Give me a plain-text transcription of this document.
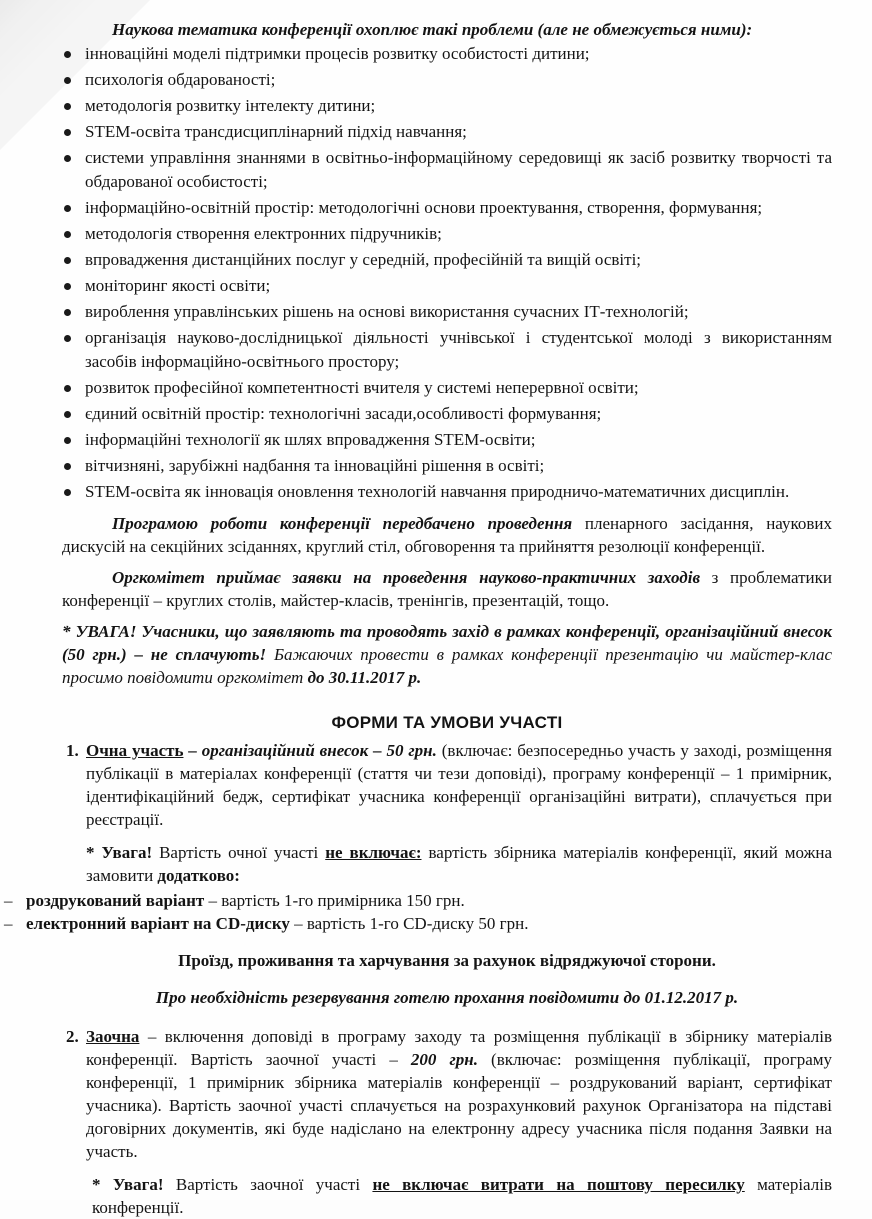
Наукова тематика конференції охоплює такі проблеми (але не обмежується ними):
інноваційні моделі підтримки процесів розвитку особистості дитини;
психологія обдарованості;
методологія розвитку інтелекту дитини;
STEM-освіта трансдисциплінарний підхід навчання;
системи управління знаннями в освітньо-інформаційному середовищі як засіб розвитку творчості та обдарованої особистості;
інформаційно-освітній простір: методологічні основи проектування, створення, формування;
методологія створення електронних підручників;
впровадження дистанційних послуг у середній, професійній та вищій освіті;
моніторинг якості освіти;
вироблення управлінських рішень на основі використання сучасних ІТ-технологій;
організація науково-дослідницької діяльності учнівської і студентської молоді з використанням засобів інформаційно-освітнього простору;
розвиток професійної компетентності вчителя у системі неперервної освіти;
єдиний освітній простір: технологічні засади,особливості формування;
інформаційні технології як шлях впровадження STEM-освіти;
вітчизняні, зарубіжні надбання та інноваційні рішення в освіті;
STEM-освіта як інновація оновлення технологій навчання природничо-математичних дисциплін.

Програмою роботи конференції передбачено проведення пленарного засідання, наукових дискусій на секційних зсіданнях, круглий стіл, обговорення та прийняття резолюції конференції.

Оргкомітет приймає заявки на проведення науково-практичних заходів з проблематики конференції – круглих столів, майстер-класів, тренінгів, презентацій, тощо.

* УВАГА! Учасники, що заявляють та проводять захід в рамках конференції, організаційний внесок (50 грн.) – не сплачують! Бажаючих провести в рамках конференції презентацію чи майстер-клас просимо повідомити оргкомітет до 30.11.2017 р.

ФОРМИ ТА УМОВИ УЧАСТІ
1. Очна участь – організаційний внесок – 50 грн. (включає: безпосередньо участь у заході, розміщення публікації в матеріалах конференції (стаття чи тези доповіді), програму конференції – 1 примірник, ідентифікаційний бедж, сертифікат учасника конференції організаційні витрати), сплачується при реєстрації.
* Увага! Вартість очної участі не включає: вартість збірника матеріалів конференції, який можна замовити додатково:
– роздрукований варіант – вартість 1-го примірника 150 грн.
– електронний варіант на CD-диску – вартість 1-го CD-диску 50 грн.
Проїзд, проживання та харчування за рахунок відряджуючої сторони.
Про необхідність резервування готелю прохання повідомити до 01.12.2017 р.
2. Заочна – включення доповіді в програму заходу та розміщення публікації в збірнику матеріалів конференції. Вартість заочної участі – 200 грн. (включає: розміщення публікації, програму конференції, 1 примірник збірника матеріалів конференції – роздрукований варіант, сертифікат учасника). Вартість заочної участі сплачується на розрахунковий рахунок Організатора на підставі договірних документів, які буде надіслано на електронну адресу учасника після подання Заявки на участь.
* Увага! Вартість заочної участі не включає витрати на поштову пересилку матеріалів конференції.
